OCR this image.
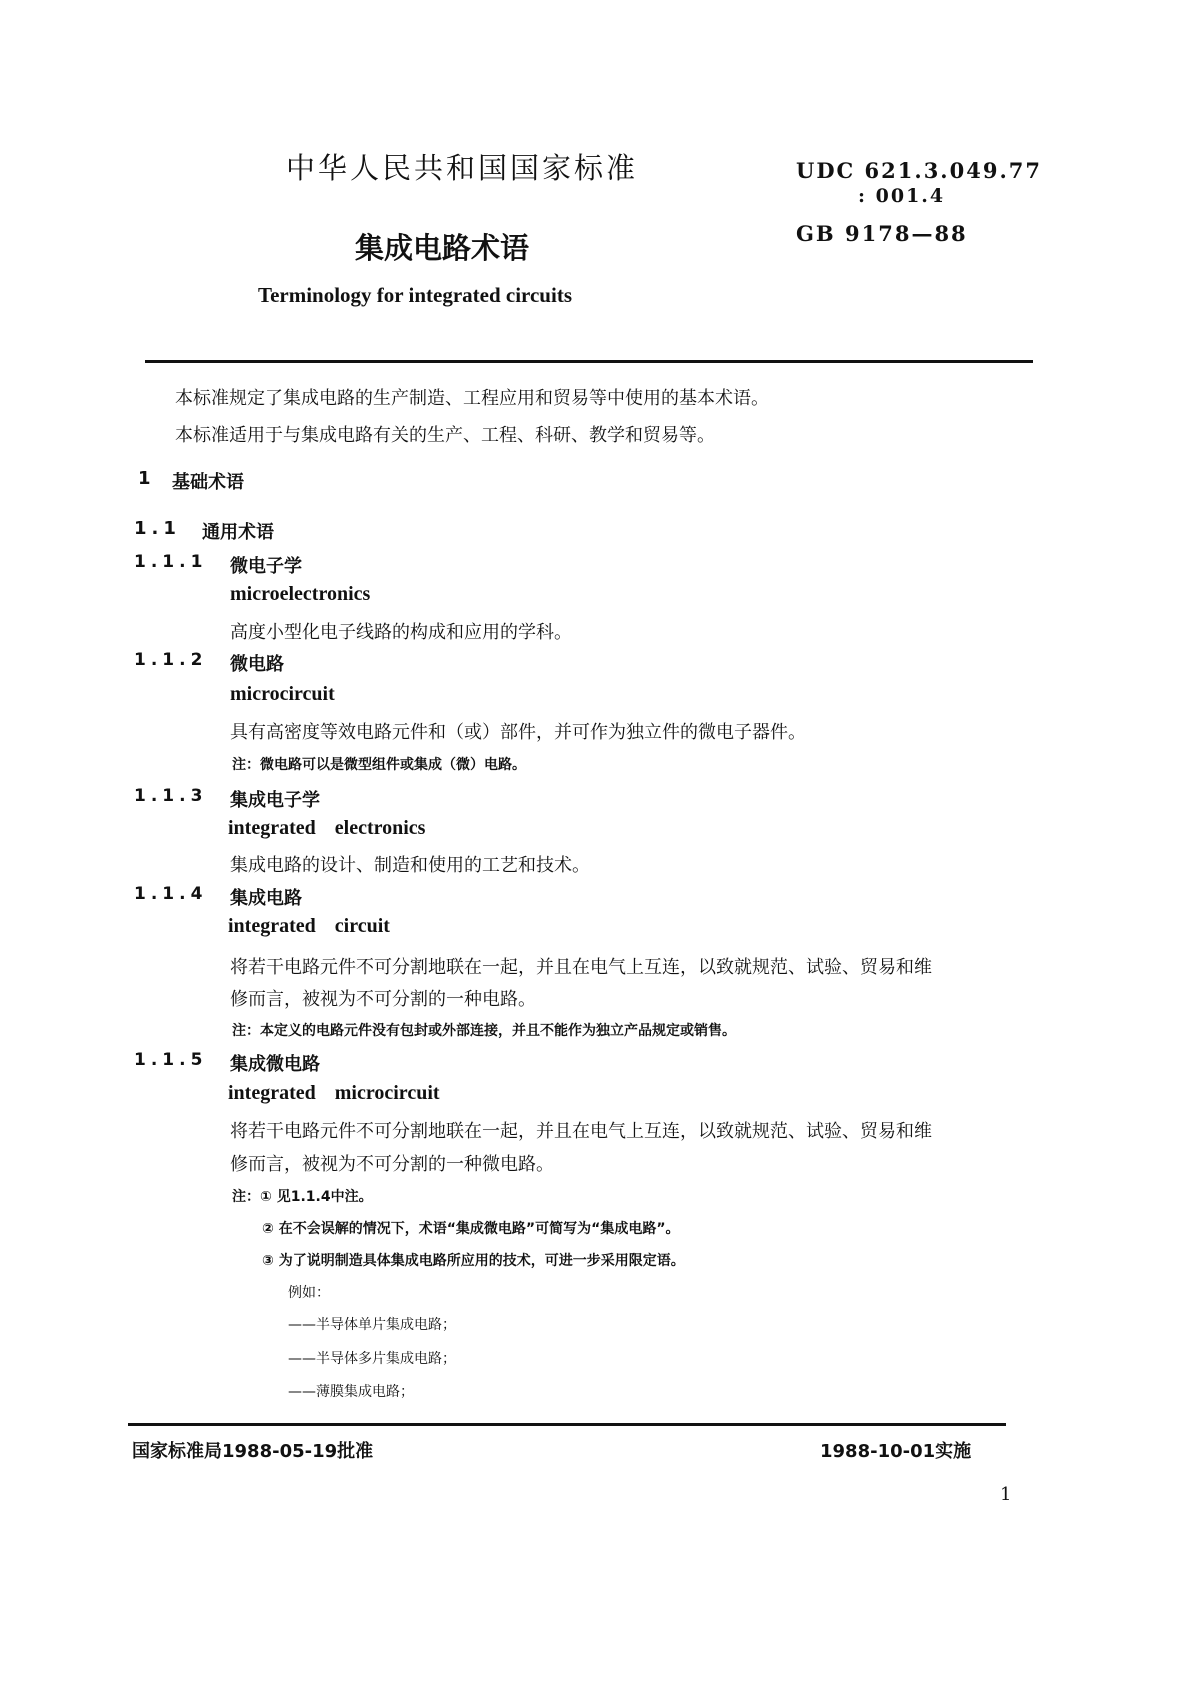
中华人民共和国国家标准	UDC 621.3.049.77
: 001.4
GB 9178—88
集成电路术语
Terminology for integrated circuits
本标准规定了集成电路的生产制造、工程应用和贸易等中使用的基本术语。
本标准适用于与集成电路有关的生产、工程、科研、教学和贸易等。
1 基础术语
1.1 通用术语
1.1.1 微电子学
microelectronics
高度小型化电子线路的构成和应用的学科。
1.1.2 微电路
microcircuit
具有高密度等效电路元件和（或）部件，并可作为独立件的微电子器件。
注：微电路可以是微型组件或集成（微）电路。
1.1.3 集成电子学
integrated electronics
集成电路的设计、制造和使用的工艺和技术。
1.1.4 集成电路
integrated circuit
将若干电路元件不可分割地联在一起，并且在电气上互连，以致就规范、试验、贸易和维
修而言，被视为不可分割的一种电路。
注：本定义的电路元件没有包封或外部连接，并且不能作为独立产品规定或销售。
1.1.5 集成微电路
integrated microcircuit
将若干电路元件不可分割地联在一起，并且在电气上互连，以致就规范、试验、贸易和维
修而言，被视为不可分割的一种微电路。
注：① 见1.1.4中注。
② 在不会误解的情况下，术语“集成微电路”可简写为“集成电路”。
③ 为了说明制造具体集成电路所应用的技术，可进一步采用限定语。
例如：
——半导体单片集成电路；
——半导体多片集成电路；
——薄膜集成电路；
国家标准局1988-05-19批准	1988-10-01实施
1
